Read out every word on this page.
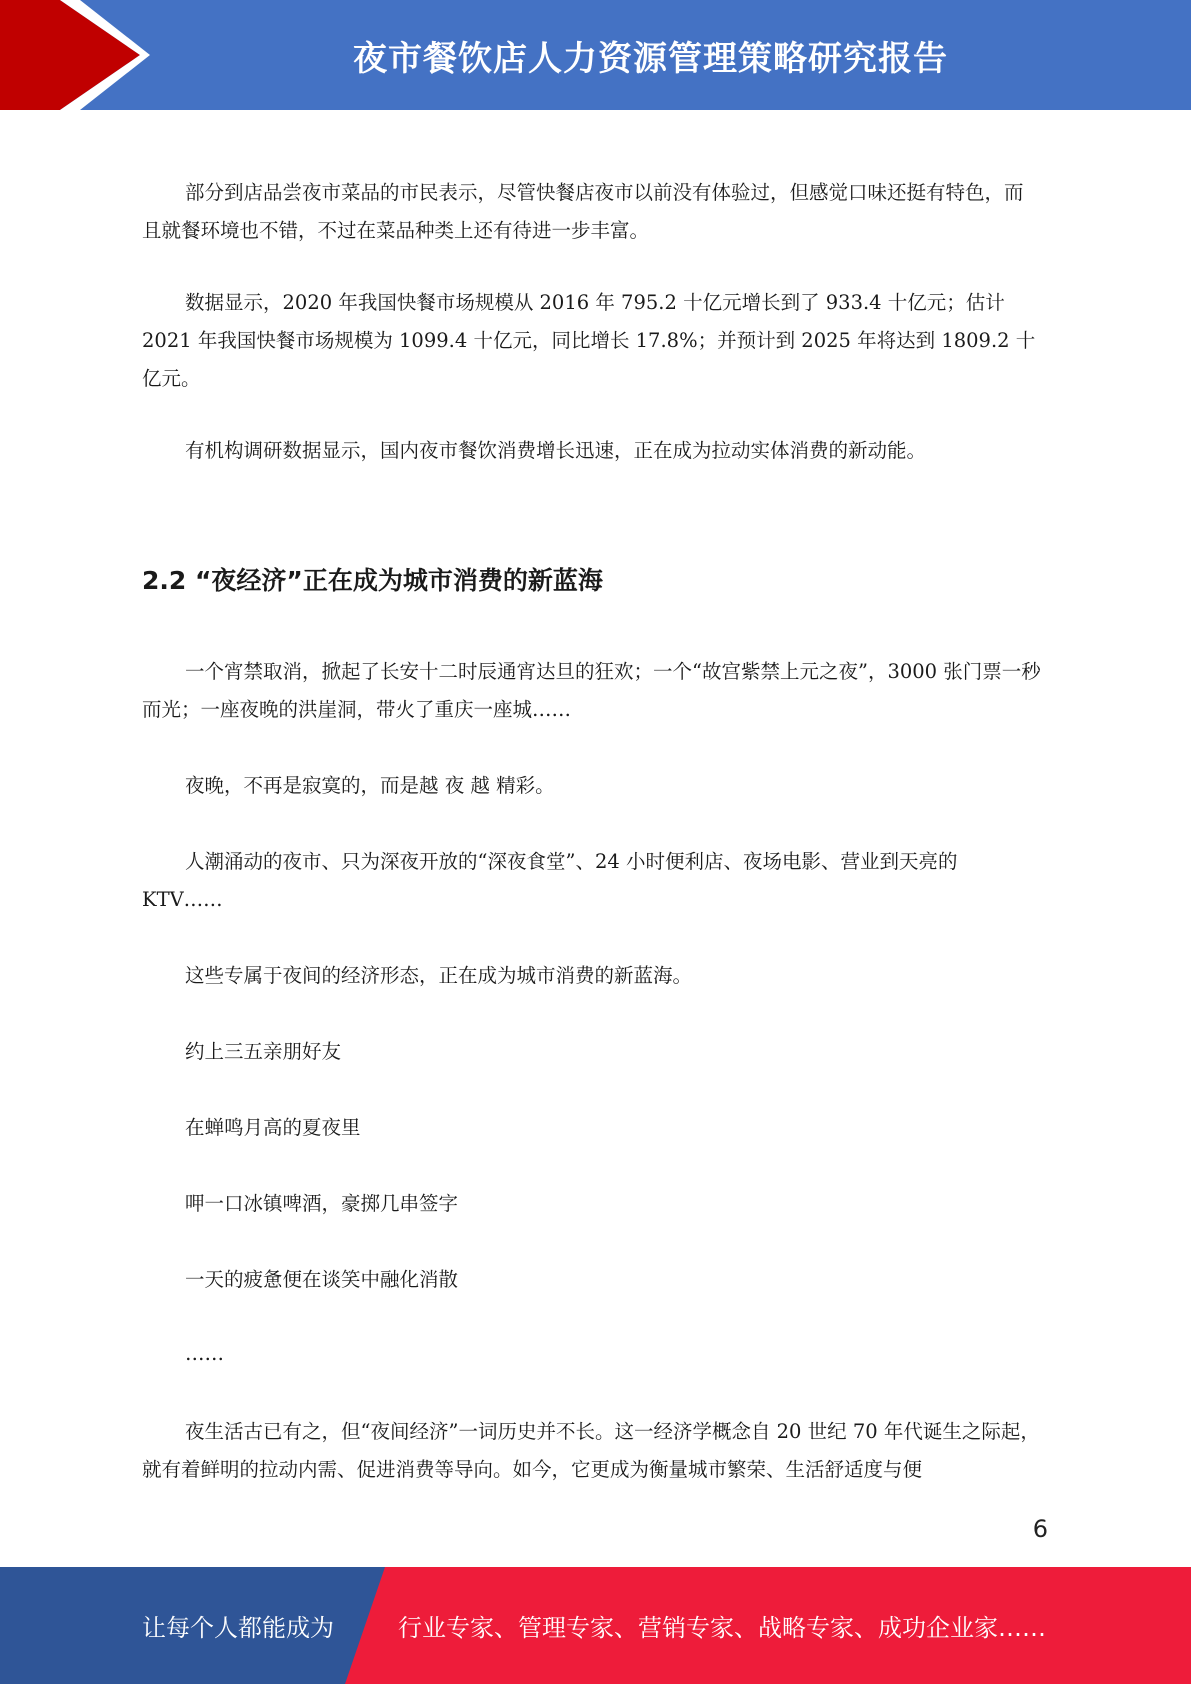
夜市餐饮店人力资源管理策略研究报告

部分到店品尝夜市菜品的市民表示，尽管快餐店夜市以前没有体验过，但感觉口味还挺有特色，而且就餐环境也不错，不过在菜品种类上还有待进一步丰富。

数据显示，2020 年我国快餐市场规模从 2016 年 795.2 十亿元增长到了 933.4 十亿元；估计 2021 年我国快餐市场规模为 1099.4 十亿元，同比增长 17.8%；并预计到 2025 年将达到 1809.2 十亿元。

有机构调研数据显示，国内夜市餐饮消费增长迅速，正在成为拉动实体消费的新动能。

2.2 “夜经济”正在成为城市消费的新蓝海

一个宵禁取消，掀起了长安十二时辰通宵达旦的狂欢；一个“故宫紫禁上元之夜”，3000 张门票一秒而光；一座夜晚的洪崖洞，带火了重庆一座城……

夜晚，不再是寂寞的，而是越 夜 越 精彩。

人潮涌动的夜市、只为深夜开放的“深夜食堂”、24 小时便利店、夜场电影、营业到天亮的 KTV……

这些专属于夜间的经济形态，正在成为城市消费的新蓝海。

约上三五亲朋好友

在蝉鸣月高的夏夜里

呷一口冰镇啤酒，豪掷几串签字

一天的疲惫便在谈笑中融化消散

……

夜生活古已有之，但“夜间经济”一词历史并不长。这一经济学概念自 20 世纪 70 年代诞生之际起，就有着鲜明的拉动内需、促进消费等导向。如今，它更成为衡量城市繁荣、生活舒适度与便

6
让每个人都能成为	行业专家、管理专家、营销专家、战略专家、成功企业家……
